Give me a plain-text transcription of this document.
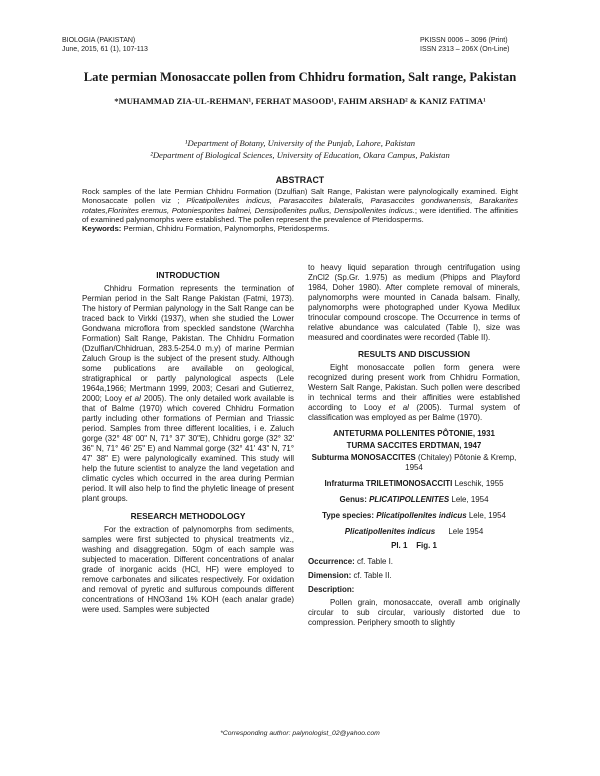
BIOLOGIA (PAKISTAN)
June, 2015, 61 (1), 107-113
PKISSN 0006 – 3096 (Print)
ISSN 2313 – 206X (On-Line)
Late permian Monosaccate pollen from Chhidru formation, Salt range, Pakistan
*MUHAMMAD ZIA-UL-REHMAN¹, FERHAT MASOOD¹, FAHIM ARSHAD² & KANIZ FATIMA¹
¹Department of Botany, University of the Punjab, Lahore, Pakistan
²Department of Biological Sciences, University of Education, Okara Campus, Pakistan
ABSTRACT
Rock samples of the late Permian Chhidru Formation (Dzulfian) Salt Range, Pakistan were palynologically examined. Eight Monosaccate pollen viz ; Plicatipollenites indicus, Parasaccites bilateralis, Parasaccites gondwanensis, Barakarites rotates,Florinites eremus, Potoniesporites balmei, Densipollenites pullus, Densipollenites indicus.; were identified. The affinities of examined palynomorphs were established. The pollen represent the prevalence of Pteridosperms.
Keywords: Permian, Chhidru Formation, Palynomorphs, Pteridosperms.

INTRODUCTION

Chhidru Formation represents the termination of Permian period in the Salt Range Pakistan (Fatmi, 1973). The history of Permian palynology in the Salt Range can be traced back to Virkki (1937), when she studied the Lower Gondwana microflora from speckled sandstone (Warchha Formation) Salt Range, Pakistan. The Chhidru Formation (Dzulfian/Chhidruan, 283.5-254.0 m.y) of marine Permian Zaluch Group is the subject of the present study. Although some publications are available on geological, stratigraphical or partly palynological aspects (Lele 1964a,1966; Mertmann 1999, 2003; Cesari and Gutierrez, 2000; Looy et al 2005). The only detailed work available is that of Balme (1970) which covered Chhidru Formation partly including other formations of Permian and Triassic period. Samples from three different localities, i e. Zaluch gorge (32° 48' 00" N, 71° 37' 30"E), Chhidru gorge (32° 32' 36" N, 71° 46' 25" E) and Nammal gorge (32° 41' 43" N, 71° 47' 38" E) were palynologically examined. This study will help the future scientist to analyze the land vegetation and climatic cycles which occurred in the area during Permian period. It will also help to find the phyletic lineage of present plant groups.

RESEARCH METHODOLOGY

For the extraction of palynomorphs from sediments, samples were first subjected to physical treatments viz., washing and disaggregation. 50gm of each sample was subjected to maceration. Different concentrations of analar grade of inorganic acids (HCl, HF) were employed to remove carbonates and silicates respectively. For oxidation and removal of pyretic and sulfurous compounds different concentrations of HNO3and 1% KOH (each analar grade) were used. Samples were subjected

to heavy liquid separation through centrifugation using ZnCl2 (Sp.Gr. 1.975) as medium (Phipps and Playford 1984, Doher 1980). After complete removal of minerals, palynomorphs were mounted in Canada balsam. Finally, palynomorphs were photographed under Kyowa Medilux trinocular compound croscope. The Occurrence in terms of relative abundance was calculated (Table I), size was measured and coordinates were recorded (Table II).

RESULTS AND DISCUSSION

Eight monosaccate pollen form genera were recognized during present work from Chhidru Formation, Western Salt Range, Pakistan. Such pollen were described in technical terms and their affinities were established according to Looy et al (2005). Turmal system of classification was employed as per Balme (1970).

ANTETURMA POLLENITES PÔTONIE, 1931

TURMA SACCITES ERDTMAN, 1947

Subturma MONOSACCITES (Chitaley) Pôtonie & Kremp, 1954

Infraturma TRILETIMONOSACCITI Leschik, 1955

Genus: PLICATIPOLLENITES Lele, 1954

Type species: Plicatipollenites indicus Lele, 1954

Plicatipollenites indicus Lele 1954

Pl. 1    Fig. 1

Occurrence: cf. Table I.

Dimension: cf. Table II.

Description:

Pollen grain, monosaccate, overall amb originally circular to sub circular, variously distorted due to compression. Periphery smooth to slightly

*Corresponding author: palynologist_02@yahoo.com
